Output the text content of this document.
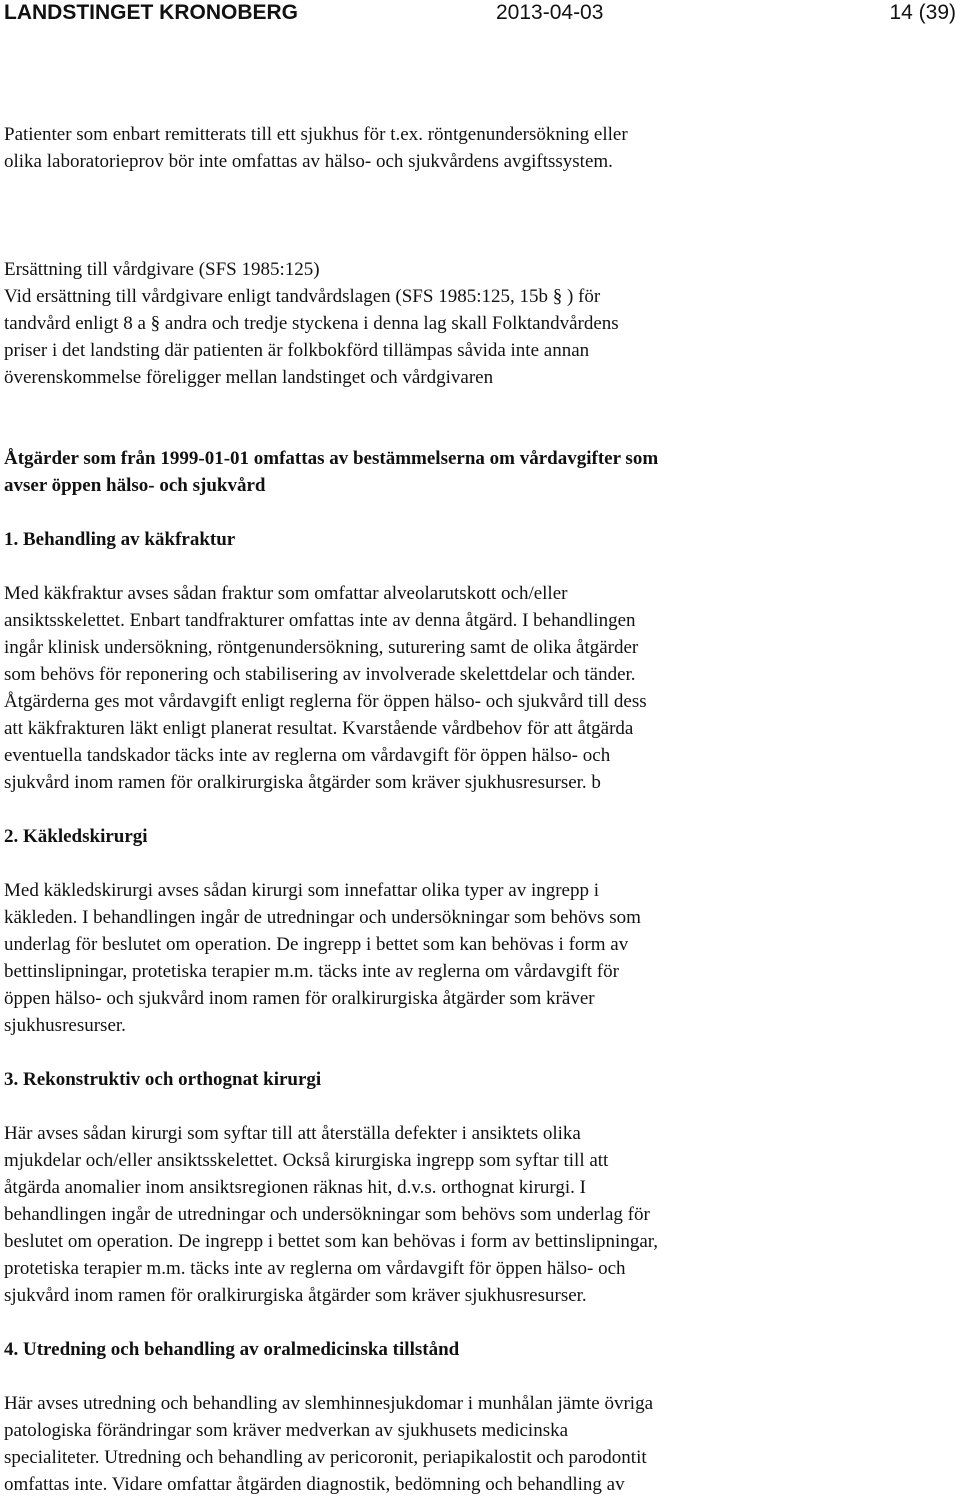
LANDSTINGET KRONOBERG	2013-04-03	14 (39)

Patienter som enbart remitterats till ett sjukhus för t.ex. röntgenundersökning eller

olika laboratorieprov bör inte omfattas av hälso- och sjukvårdens avgiftssystem.

Ersättning till vårdgivare (SFS 1985:125)

Vid ersättning till vårdgivare enligt tandvårdslagen (SFS 1985:125, 15b § ) för

tandvård enligt 8 a § andra och tredje styckena i denna lag skall Folktandvårdens

priser i det landsting där patienten är folkbokförd tillämpas såvida inte annan

överenskommelse föreligger mellan landstinget och vårdgivaren

Åtgärder som från 1999-01-01 omfattas av bestämmelserna om vårdavgifter som

avser öppen hälso- och sjukvård

1. Behandling av käkfraktur

Med käkfraktur avses sådan fraktur som omfattar alveolarutskott och/eller

ansiktsskelettet. Enbart tandfrakturer omfattas inte av denna åtgärd. I behandlingen

ingår klinisk undersökning, röntgenundersökning, suturering samt de olika åtgärder

som behövs för reponering och stabilisering av involverade skelettdelar och tänder.

Åtgärderna ges mot vårdavgift enligt reglerna för öppen hälso- och sjukvård till dess

att käkfrakturen läkt enligt planerat resultat. Kvarstående vårdbehov för att åtgärda

eventuella tandskador täcks inte av reglerna om vårdavgift för öppen hälso- och

sjukvård inom ramen för oralkirurgiska åtgärder som kräver sjukhusresurser. b

2. Käkledskirurgi

Med käkledskirurgi avses sådan kirurgi som innefattar olika typer av ingrepp i

käkleden. I behandlingen ingår de utredningar och undersökningar som behövs som

underlag för beslutet om operation. De ingrepp i bettet som kan behövas i form av

bettinslipningar, protetiska terapier m.m. täcks inte av reglerna om vårdavgift för

öppen hälso- och sjukvård inom ramen för oralkirurgiska åtgärder som kräver

sjukhusresurser.

3. Rekonstruktiv och orthognat kirurgi

Här avses sådan kirurgi som syftar till att återställa defekter i ansiktets olika

mjukdelar och/eller ansiktsskelettet. Också kirurgiska ingrepp som syftar till att

åtgärda anomalier inom ansiktsregionen räknas hit, d.v.s. orthognat kirurgi. I

behandlingen ingår de utredningar och undersökningar som behövs som underlag för

beslutet om operation. De ingrepp i bettet som kan behövas i form av bettinslipningar,

protetiska terapier m.m. täcks inte av reglerna om vårdavgift för öppen hälso- och

sjukvård inom ramen för oralkirurgiska åtgärder som kräver sjukhusresurser.

4. Utredning och behandling av oralmedicinska tillstånd

Här avses utredning och behandling av slemhinnesjukdomar i munhålan jämte övriga

patologiska förändringar som kräver medverkan av sjukhusets medicinska

specialiteter. Utredning och behandling av pericoronit, periapikalostit och parodontit

omfattas inte. Vidare omfattar åtgärden diagnostik, bedömning och behandling av
